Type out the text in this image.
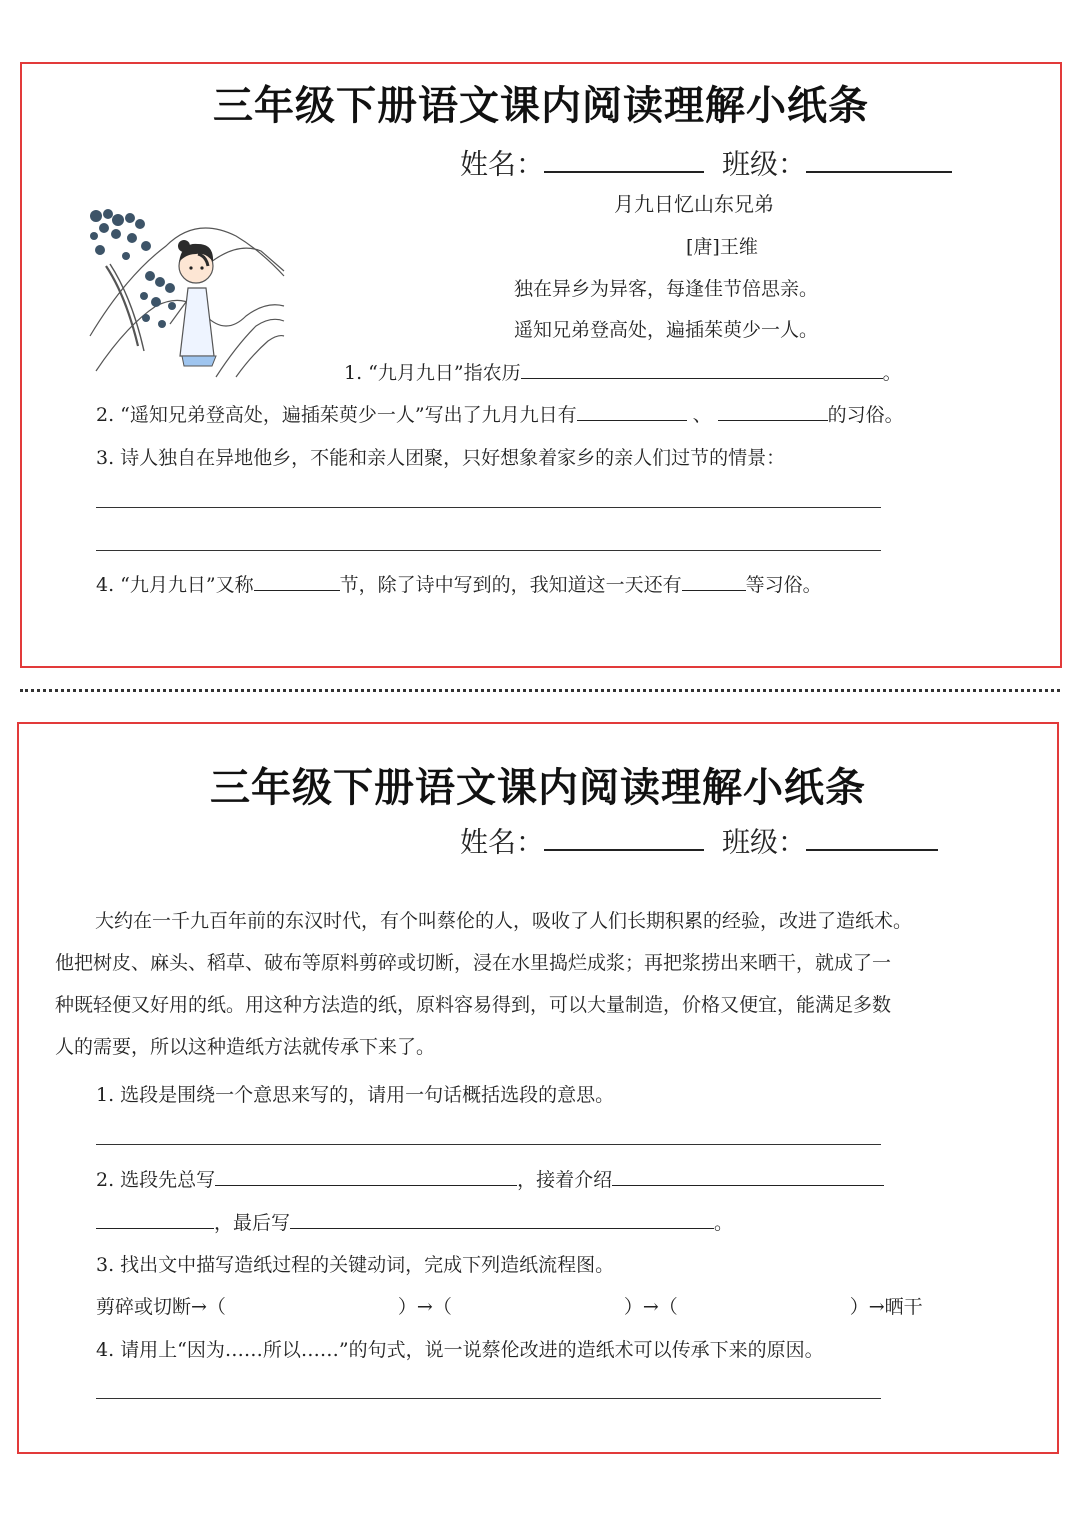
三年级下册语文课内阅读理解小纸条
姓名：	班级：
月九日忆山东兄弟
[唐]王维
独在异乡为异客，每逢佳节倍思亲。
遥知兄弟登高处，遍插茱萸少一人。
1. “九月九日”指农历	。
2. “遥知兄弟登高处，遍插茱萸少一人”写出了九月九日有	、	的习俗。
3. 诗人独自在异地他乡，不能和亲人团聚，只好想象着家乡的亲人们过节的情景：
4. “九月九日”又称	节，除了诗中写到的，我知道这一天还有	等习俗。
三年级下册语文课内阅读理解小纸条
姓名：	班级：
大约在一千九百年前的东汉时代，有个叫蔡伦的人，吸收了人们长期积累的经验，改进了造纸术。
他把树皮、麻头、稻草、破布等原料剪碎或切断，浸在水里捣烂成浆；再把浆捞出来晒干，就成了一
种既轻便又好用的纸。用这种方法造的纸，原料容易得到，可以大量制造，价格又便宜，能满足多数
人的需要，所以这种造纸方法就传承下来了。
1. 选段是围绕一个意思来写的，请用一句话概括选段的意思。
2. 选段先总写	，接着介绍
，最后写	。
3. 找出文中描写造纸过程的关键动词，完成下列造纸流程图。
剪碎或切断→（	）→（	）→（	）→晒干
4. 请用上“因为……所以……”的句式，说一说蔡伦改进的造纸术可以传承下来的原因。
